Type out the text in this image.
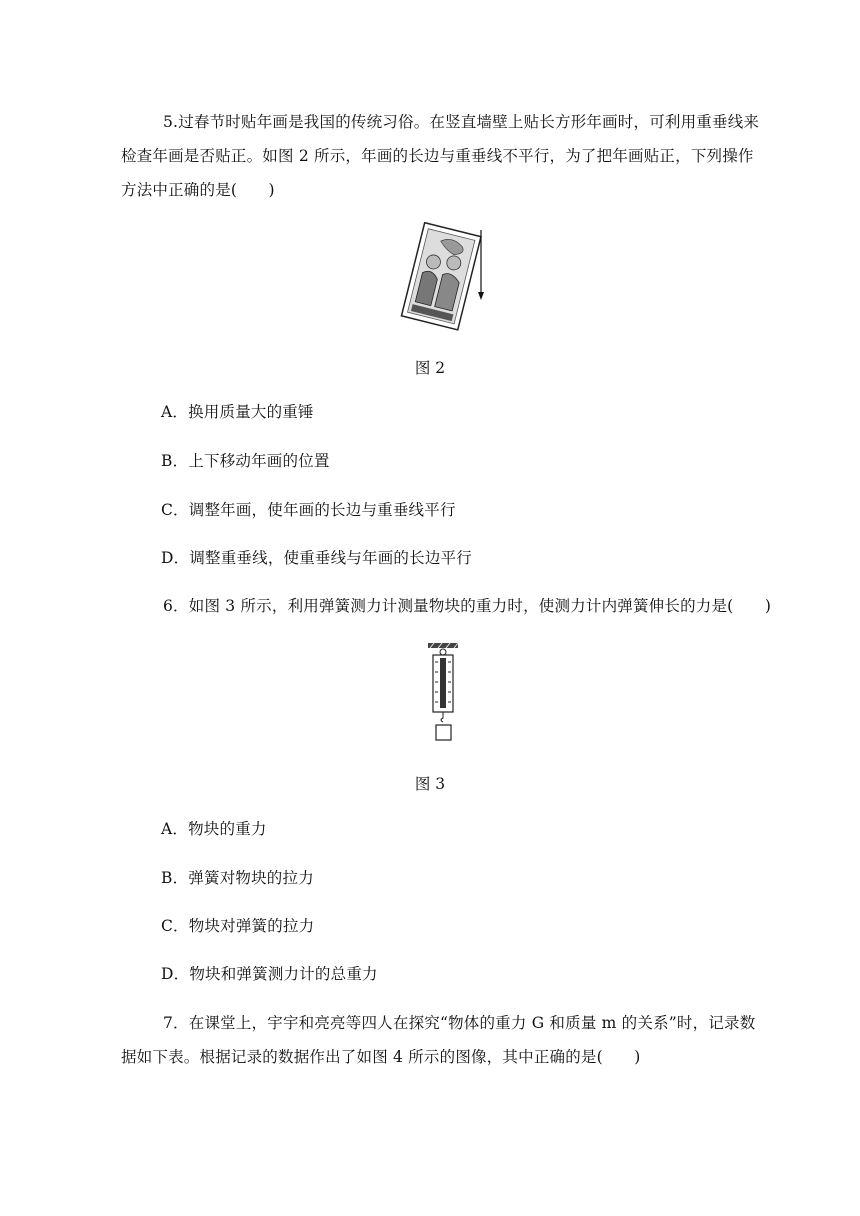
5.过春节时贴年画是我国的传统习俗。在竖直墙壁上贴长方形年画时，可利用重垂线来
检查年画是否贴正。如图 2 所示，年画的长边与重垂线不平行，为了把年画贴正，下列操作
方法中正确的是(　　)
图 2
A．换用质量大的重锤
B．上下移动年画的位置
C．调整年画，使年画的长边与重垂线平行
D．调整重垂线，使重垂线与年画的长边平行
6．如图 3 所示，利用弹簧测力计测量物块的重力时，使测力计内弹簧伸长的力是(　　)
图 3
A．物块的重力
B．弹簧对物块的拉力
C．物块对弹簧的拉力
D．物块和弹簧测力计的总重力
7．在课堂上，宇宇和亮亮等四人在探究“物体的重力 G 和质量 m 的关系”时，记录数
据如下表。根据记录的数据作出了如图 4 所示的图像，其中正确的是(　　)
